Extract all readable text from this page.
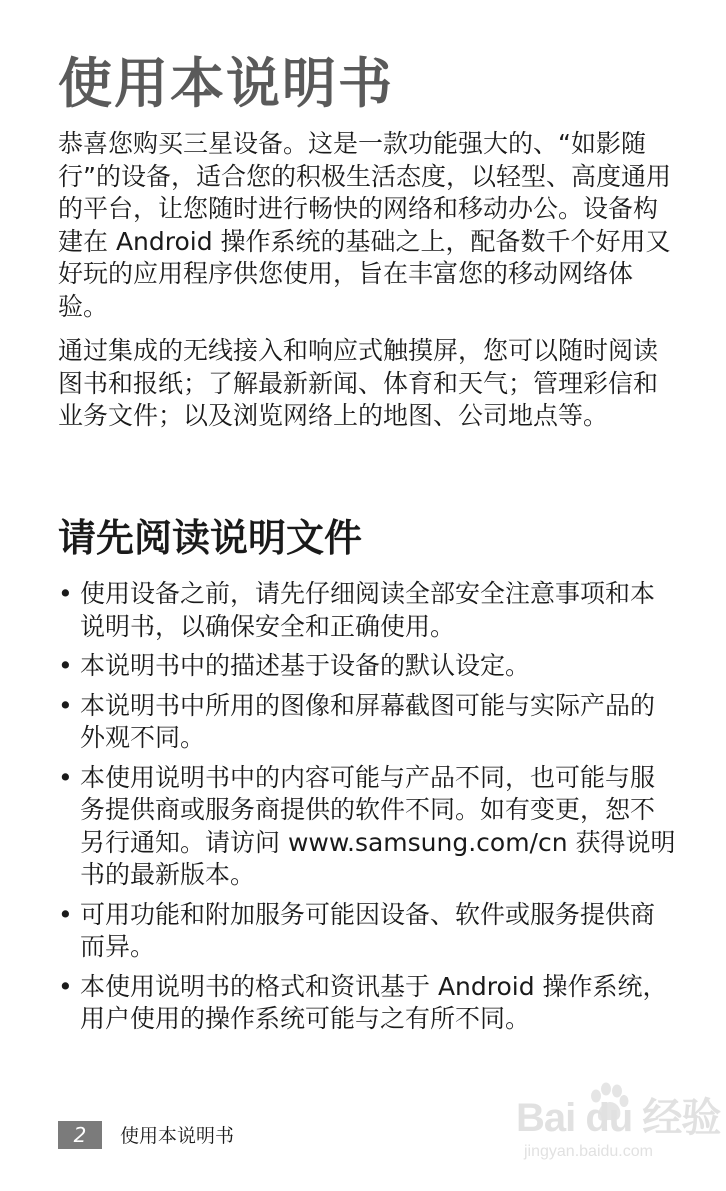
使用本说明书

恭喜您购买三星设备。这是一款功能强大的、“如影随行”的设备，适合您的积极生活态度，以轻型、高度通用的平台，让您随时进行畅快的网络和移动办公。设备构建在 Android 操作系统的基础之上，配备数千个好用又好玩的应用程序供您使用，旨在丰富您的移动网络体验。

通过集成的无线接入和响应式触摸屏，您可以随时阅读图书和报纸；了解最新新闻、体育和天气；管理彩信和业务文件；以及浏览网络上的地图、公司地点等。

请先阅读说明文件
• 使用设备之前，请先仔细阅读全部安全注意事项和本说明书，以确保安全和正确使用。
• 本说明书中的描述基于设备的默认设定。
• 本说明书中所用的图像和屏幕截图可能与实际产品的外观不同。
• 本使用说明书中的内容可能与产品不同，也可能与服务提供商或服务商提供的软件不同。如有变更，恕不另行通知。请访问 www.samsung.com/cn 获得说明书的最新版本。
• 可用功能和附加服务可能因设备、软件或服务提供商而异。
• 本使用说明书的格式和资讯基于 Android 操作系统，用户使用的操作系统可能与之有所不同。
2	使用本说明书	Bai du 经验
jingyan.baidu.com
